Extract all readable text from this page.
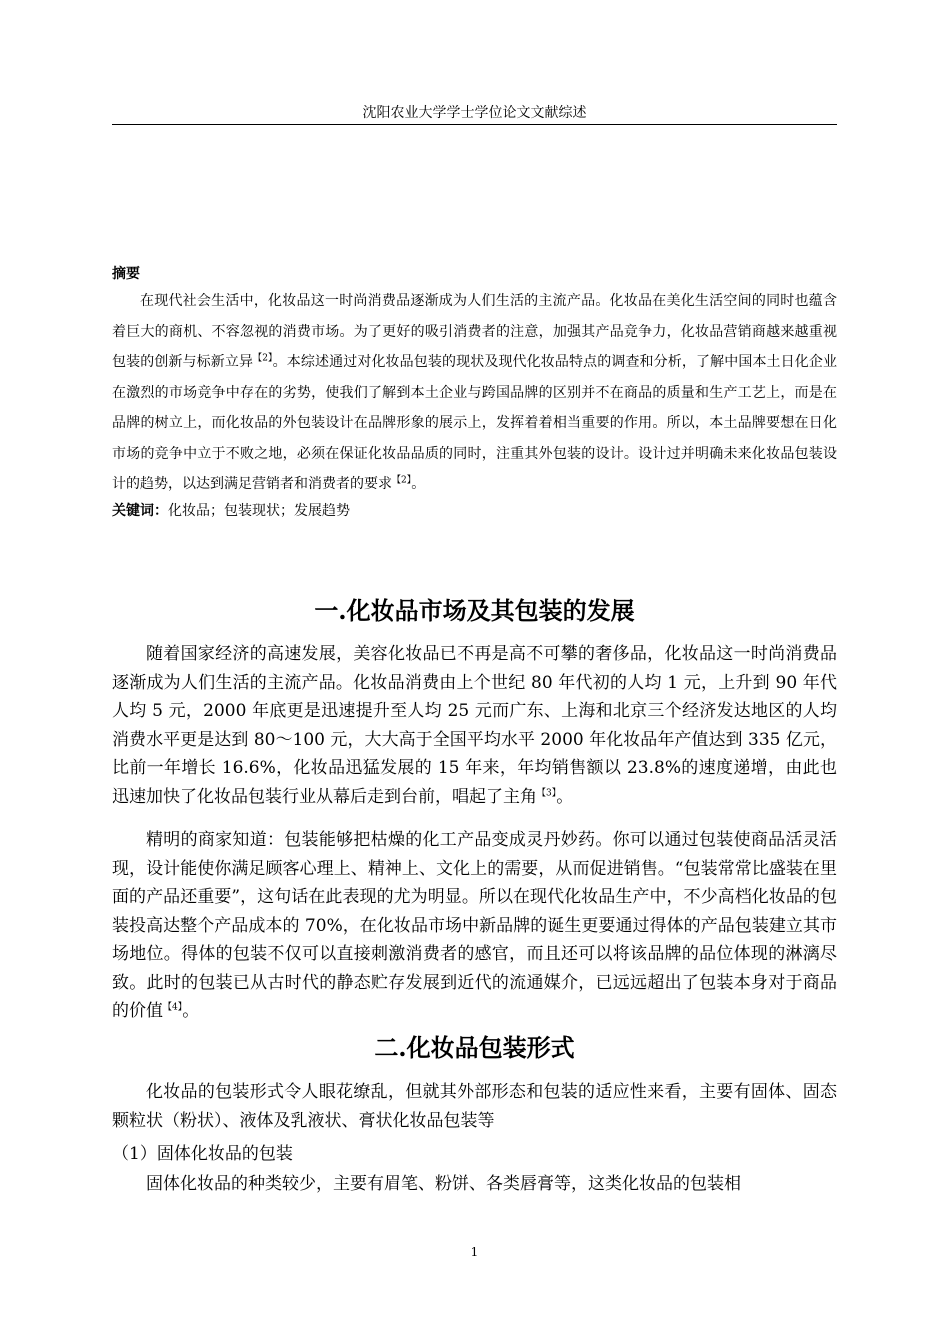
沈阳农业大学学士学位论文文献综述
摘要

在现代社会生活中，化妆品这一时尚消费品逐渐成为人们生活的主流产品。化妆品在美化生活空间的同时也蕴含着巨大的商机、不容忽视的消费市场。为了更好的吸引消费者的注意，加强其产品竞争力，化妆品营销商越来越重视包装的创新与标新立异$^{【2】}$。本综述通过对化妆品包装的现状及现代化妆品特点的调查和分析，了解中国本土日化企业在激烈的市场竞争中存在的劣势，使我们了解到本土企业与跨国品牌的区别并不在商品的质量和生产工艺上，而是在品牌的树立上，而化妆品的外包装设计在品牌形象的展示上，发挥着着相当重要的作用。所以，本土品牌要想在日化市场的竞争中立于不败之地，必须在保证化妆品品质的同时，注重其外包装的设计。设计过并明确未来化妆品包装设计的趋势，以达到满足营销者和消费者的要求$^{【2】}$。

关键词：化妆品；包装现状；发展趋势
一.化妆品市场及其包装的发展

随着国家经济的高速发展，美容化妆品已不再是高不可攀的奢侈品，化妆品这一时尚消费品逐渐成为人们生活的主流产品。化妆品消费由上个世纪 80 年代初的人均 1 元，上升到 90 年代人均 5 元，2000 年底更是迅速提升至人均 25 元而广东、上海和北京三个经济发达地区的人均消费水平更是达到 80～100 元，大大高于全国平均水平 2000 年化妆品年产值达到 335 亿元，比前一年增长 16.6%，化妆品迅猛发展的 15 年来，年均销售额以 23.8%的速度递增，由此也迅速加快了化妆品包装行业从幕后走到台前，唱起了主角$^{【3】}$。

精明的商家知道：包装能够把枯燥的化工产品变成灵丹妙药。你可以通过包装使商品活灵活现，设计能使你满足顾客心理上、精神上、文化上的需要，从而促进销售。“包装常常比盛装在里面的产品还重要”，这句话在此表现的尤为明显。所以在现代化妆品生产中，不少高档化妆品的包装投高达整个产品成本的 70%，在化妆品市场中新品牌的诞生更要通过得体的产品包装建立其市场地位。得体的包装不仅可以直接刺激消费者的感官，而且还可以将该品牌的品位体现的淋漓尽致。此时的包装已从古时代的静态贮存发展到近代的流通媒介，已远远超出了包装本身对于商品的价值$^{【4】}$。

二.化妆品包装形式

化妆品的包装形式令人眼花缭乱，但就其外部形态和包装的适应性来看，主要有固体、固态颗粒状（粉状）、液体及乳液状、膏状化妆品包装等

（1）固体化妆品的包装

固体化妆品的种类较少，主要有眉笔、粉饼、各类唇膏等，这类化妆品的包装相

1
